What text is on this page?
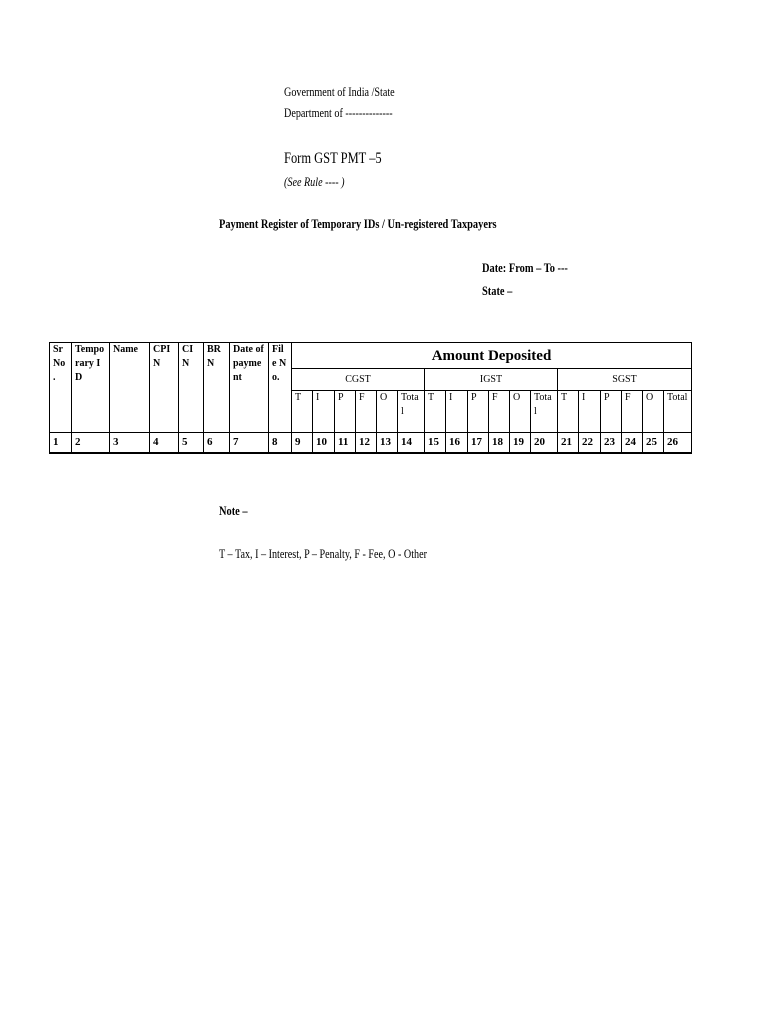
Government of India /State
Department of --------------
Form GST PMT –5
(See Rule ---- )
Payment Register of Temporary IDs / Un-registered Taxpayers
Date: From – To ---
State –
Sr No .	Temporary ID	Name	CPIN	CIN	BRN	Date of payment	File No.	Amount Deposited																	
								CGST						IGST						SGST					
								T	I	P	F	O	Total	T	I	P	F	O	Total	T	I	P	F	O	Total
1	2	3	4	5	6	7	8	9	10	11	12	13	14	15	16	17	18	19	20	21	22	23	24	25	26
Note –
T – Tax, I – Interest, P – Penalty, F - Fee, O - Other
